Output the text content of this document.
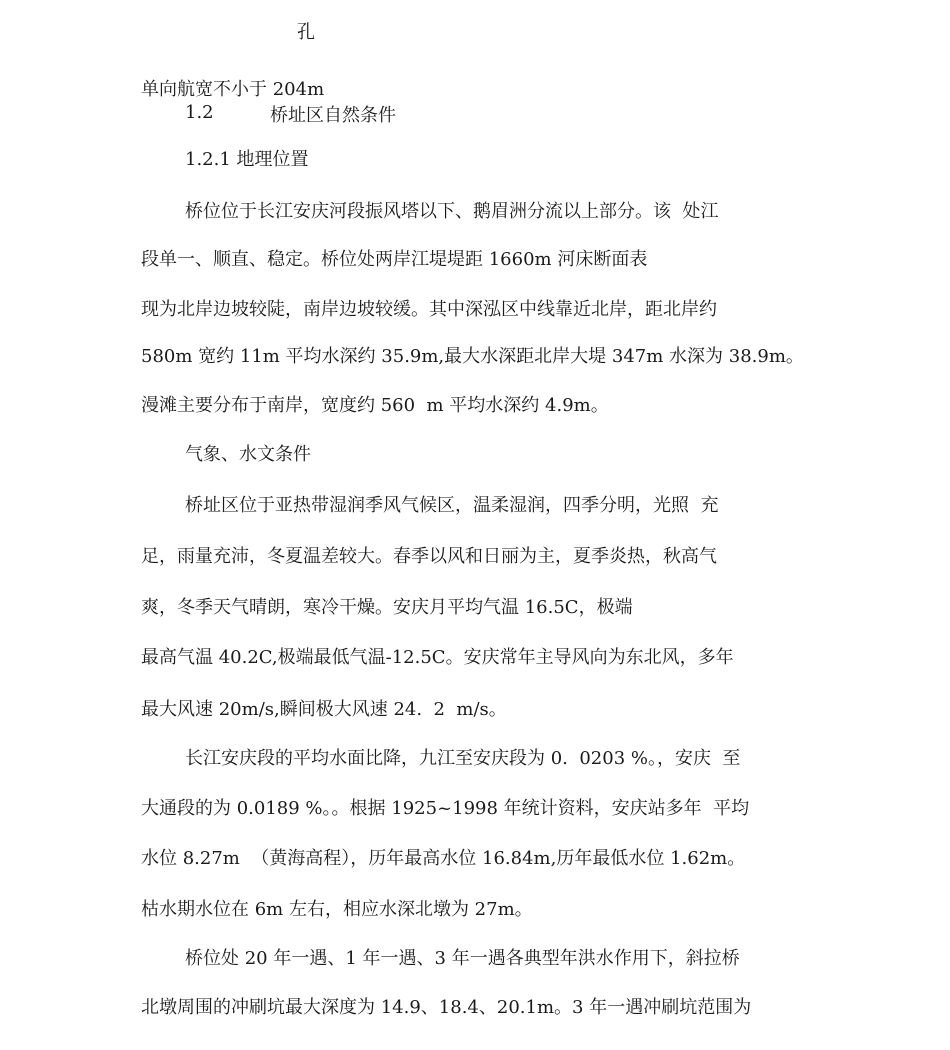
孔
单向航宽不小于 204m
1.2	桥址区自然条件
1.2.1 地理位置
桥位位于长江安庆河段振风塔以下、鹅眉洲分流以上部分。该  处江
段单一、顺直、稳定。桥位处两岸江堤堤距 1660m 河床断面表
现为北岸边坡较陡，南岸边坡较缓。其中深泓区中线靠近北岸，距北岸约
580m 宽约 11m 平均水深约 35.9m,最大水深距北岸大堤 347m 水深为 38.9m。
漫滩主要分布于南岸，宽度约 560  m 平均水深约 4.9m。
气象、水文条件
桥址区位于亚热带湿润季风气候区，温柔湿润，四季分明，光照  充
足，雨量充沛，冬夏温差较大。春季以风和日丽为主，夏季炎热，秋高气
爽，冬季天气晴朗，寒冷干燥。安庆月平均气温 16.5C，极端
最高气温 40.2C,极端最低气温-12.5C。安庆常年主导风向为东北风，多年
最大风速 20m/s,瞬间极大风速 24.  2  m/s。
长江安庆段的平均水面比降，九江至安庆段为 0.  0203 %。，安庆  至
大通段的为 0.0189 %。。根据 1925~1998 年统计资料，安庆站多年  平均
水位 8.27m  （黄海高程），历年最高水位 16.84m,历年最低水位 1.62m。
枯水期水位在 6m 左右，相应水深北墩为 27m。
桥位处 20 年一遇、1 年一遇、3 年一遇各典型年洪水作用下，斜拉桥
北墩周围的冲刷坑最大深度为 14.9、18.4、20.1m。3 年一遇冲刷坑范围为
